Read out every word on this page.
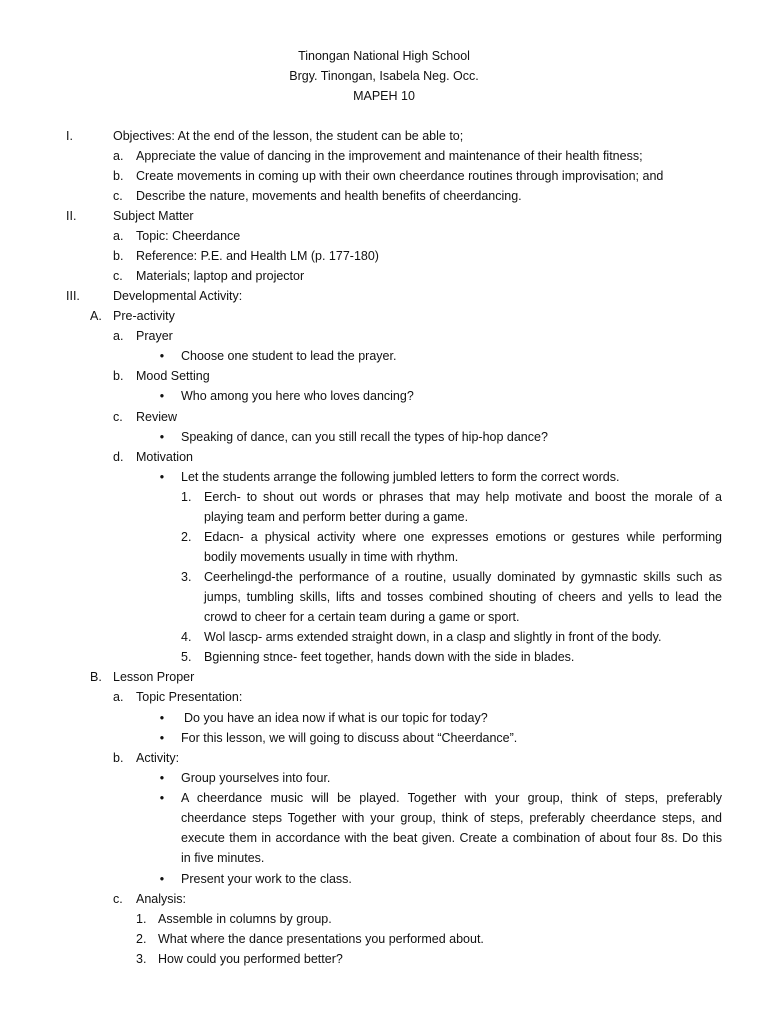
Tinongan National High School
Brgy. Tinongan, Isabela Neg. Occ.
MAPEH 10
I.	Objectives: At the end of the lesson, the student can be able to;
a. Appreciate the value of dancing in the improvement and maintenance of their health fitness;
b. Create movements in coming up with their own cheerdance routines through improvisation; and
c. Describe the nature, movements and health benefits of cheerdancing.
II.	Subject Matter
a. Topic: Cheerdance
b. Reference: P.E. and Health LM (p. 177-180)
c. Materials; laptop and projector
III.	Developmental Activity:
A. Pre-activity
a. Prayer
• Choose one student to lead the prayer.
b. Mood Setting
• Who among you here who loves dancing?
c. Review
• Speaking of dance, can you still recall the types of hip-hop dance?
d. Motivation
• Let the students arrange the following jumbled letters to form the correct words.
1. Eerch- to shout out words or phrases that may help motivate and boost the morale of a
playing team and perform better during a game.
2. Edacn- a physical activity where one expresses emotions or gestures while performing
bodily movements usually in time with rhythm.
3. Ceerhelingd-the performance of a routine, usually dominated by gymnastic skills such as
jumps, tumbling skills, lifts and tosses combined shouting of cheers and yells to lead the
crowd to cheer for a certain team during a game or sport.
4. Wol lascp- arms extended straight down, in a clasp and slightly in front of the body.
5. Bgienning stnce- feet together, hands down with the side in blades.
B. Lesson Proper
a. Topic Presentation:
• Do you have an idea now if what is our topic for today?
• For this lesson, we will going to discuss about “Cheerdance”.
b. Activity:
• Group yourselves into four.
• A cheerdance music will be played. Together with your group, think of steps, preferably
cheerdance steps Together with your group, think of steps, preferably cheerdance steps, and
execute them in accordance with the beat given. Create a combination of about four 8s. Do this
in five minutes.
• Present your work to the class.
c. Analysis:
1. Assemble in columns by group.
2. What where the dance presentations you performed about.
3. How could you performed better?
